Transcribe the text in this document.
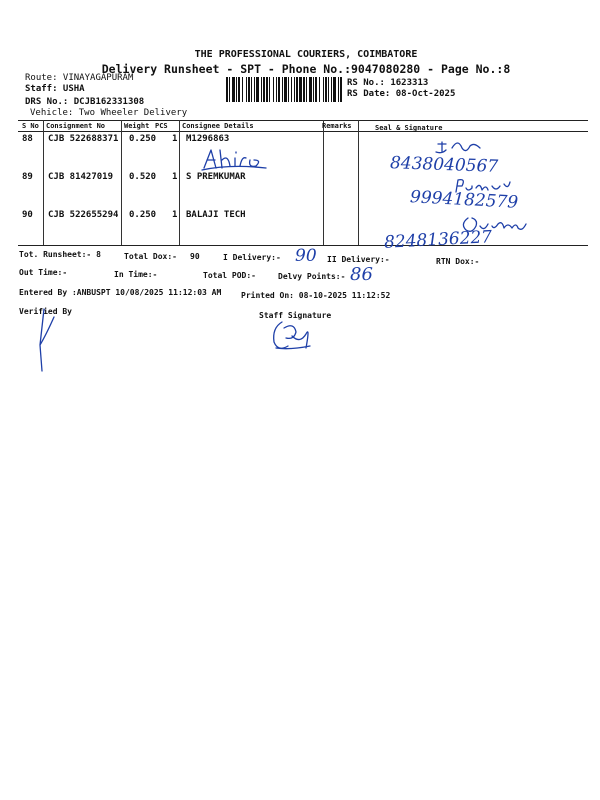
THE PROFESSIONAL COURIERS, COIMBATORE
Delivery Runsheet - SPT - Phone No.:9047080280 - Page No.:8
Route: VINAYAGAPURAM
Staff: USHA
DRS No.: DCJB162331308
Vehicle: Two Wheeler Delivery
RS No.: 1623313
RS Date: 08-Oct-2025
S No Consignment No	Weight PCS Consignee Details	Remarks	Seal & Signature
88 CJB 522688371 0.250 1 M1296863
89 CJB 81427019 0.520 1 S PREMKUMAR
90 CJB 522655294 0.250 1 BALAJI TECH
8438040567
9994182579
8248136227
Tot. Runsheet:- 8	Total Dox:- 90	I Delivery:- 90 II Delivery:-	RTN Dox:-
Out Time:-	In Time:-	Total POD:-	Delvy Points:- 86
Entered By :ANBUSPT 10/08/2025 11:12:03 AM Printed On: 08-10-2025 11:12:52
Verified By	Staff Signature
